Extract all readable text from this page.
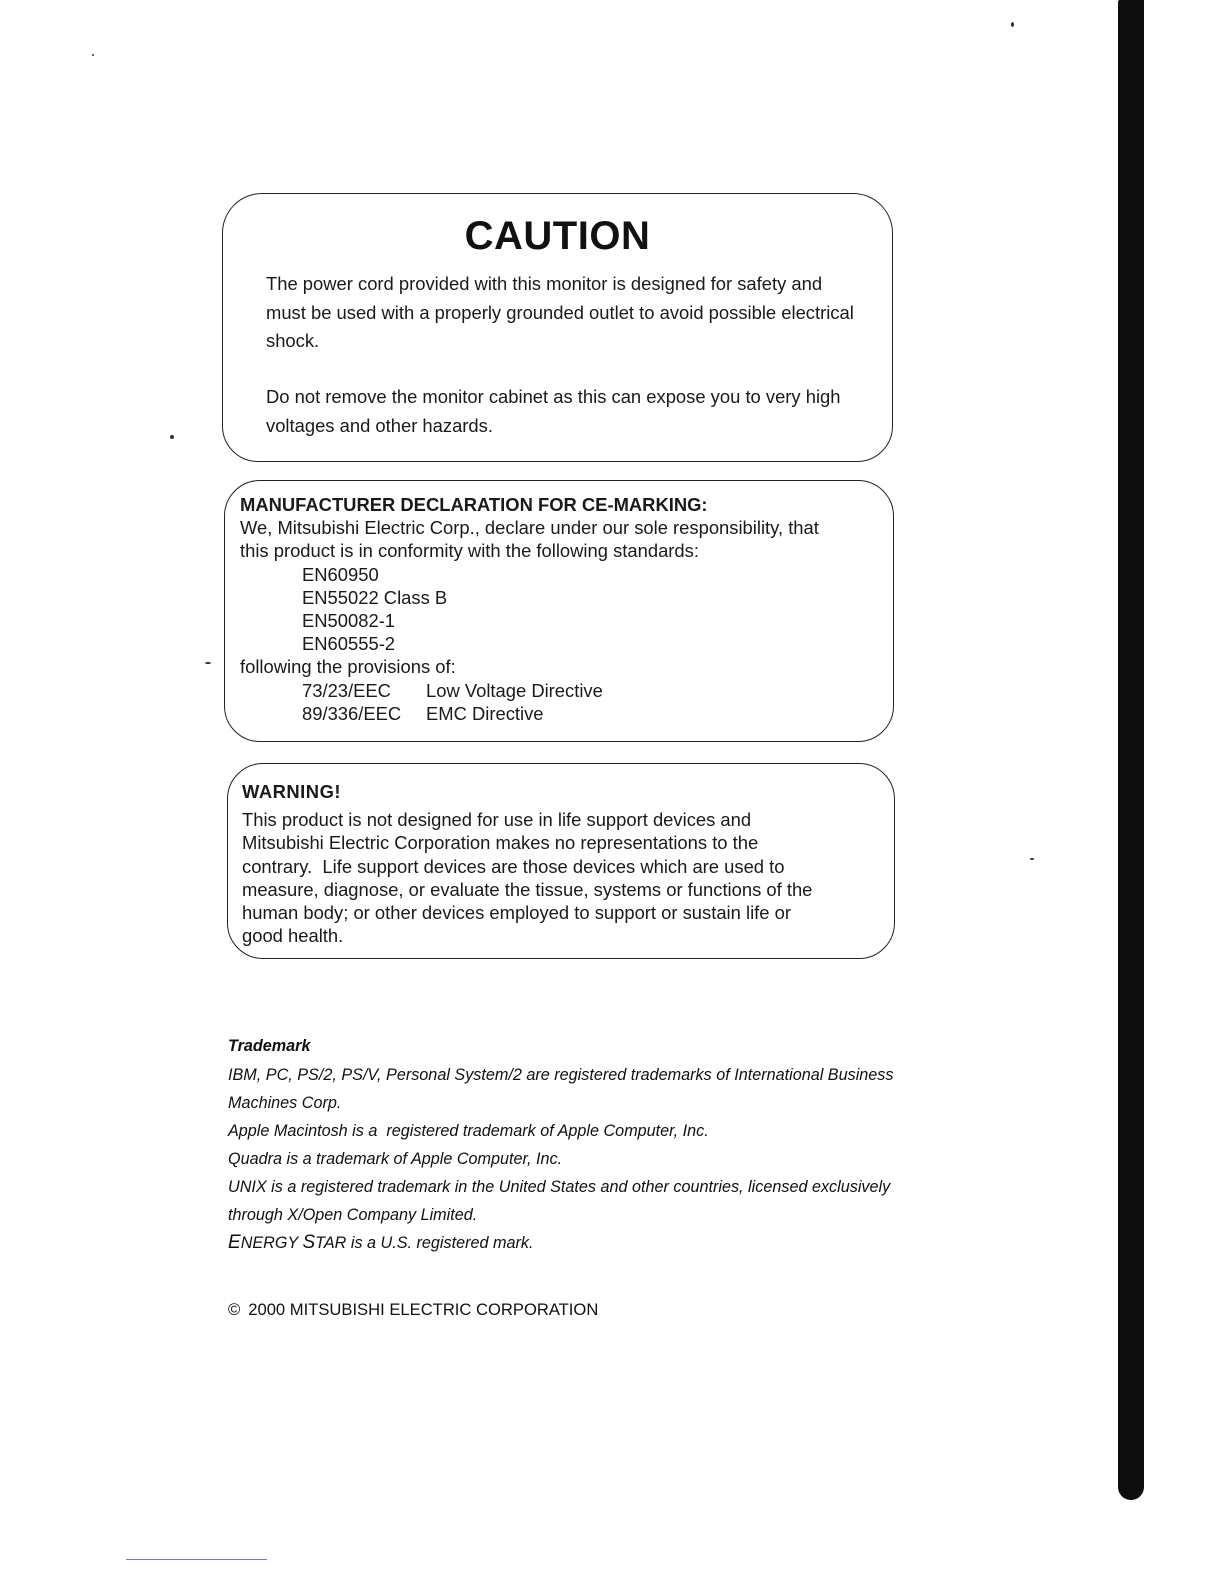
CAUTION

The power cord provided with this monitor is designed for safety and must be used with a properly grounded outlet to avoid possible electrical shock.

Do not remove the monitor cabinet as this can expose you to very high voltages and other hazards.

MANUFACTURER DECLARATION FOR CE-MARKING:

We, Mitsubishi Electric Corp., declare under our sole responsibility, that

this product is in conformity with the following standards:

EN60950

EN55022 Class B

EN50082-1

EN60555-2

following the provisions of:

73/23/EEC Low Voltage Directive

89/336/EEC EMC Directive

WARNING!

This product is not designed for use in life support devices and

Mitsubishi Electric Corporation makes no representations to the

contrary.  Life support devices are those devices which are used to

measure, diagnose, or evaluate the tissue, systems or functions of the

human body; or other devices employed to support or sustain life or

good health.

Trademark

IBM, PC, PS/2, PS/V, Personal System/2 are registered trademarks of International Business

Machines Corp.

Apple Macintosh is a  registered trademark of Apple Computer, Inc.

Quadra is a trademark of Apple Computer, Inc.

UNIX is a registered trademark in the United States and other countries, licensed exclusively

through X/Open Company Limited.

ENERGY STAR is a U.S. registered mark.

© 2000 MITSUBISHI ELECTRIC CORPORATION
